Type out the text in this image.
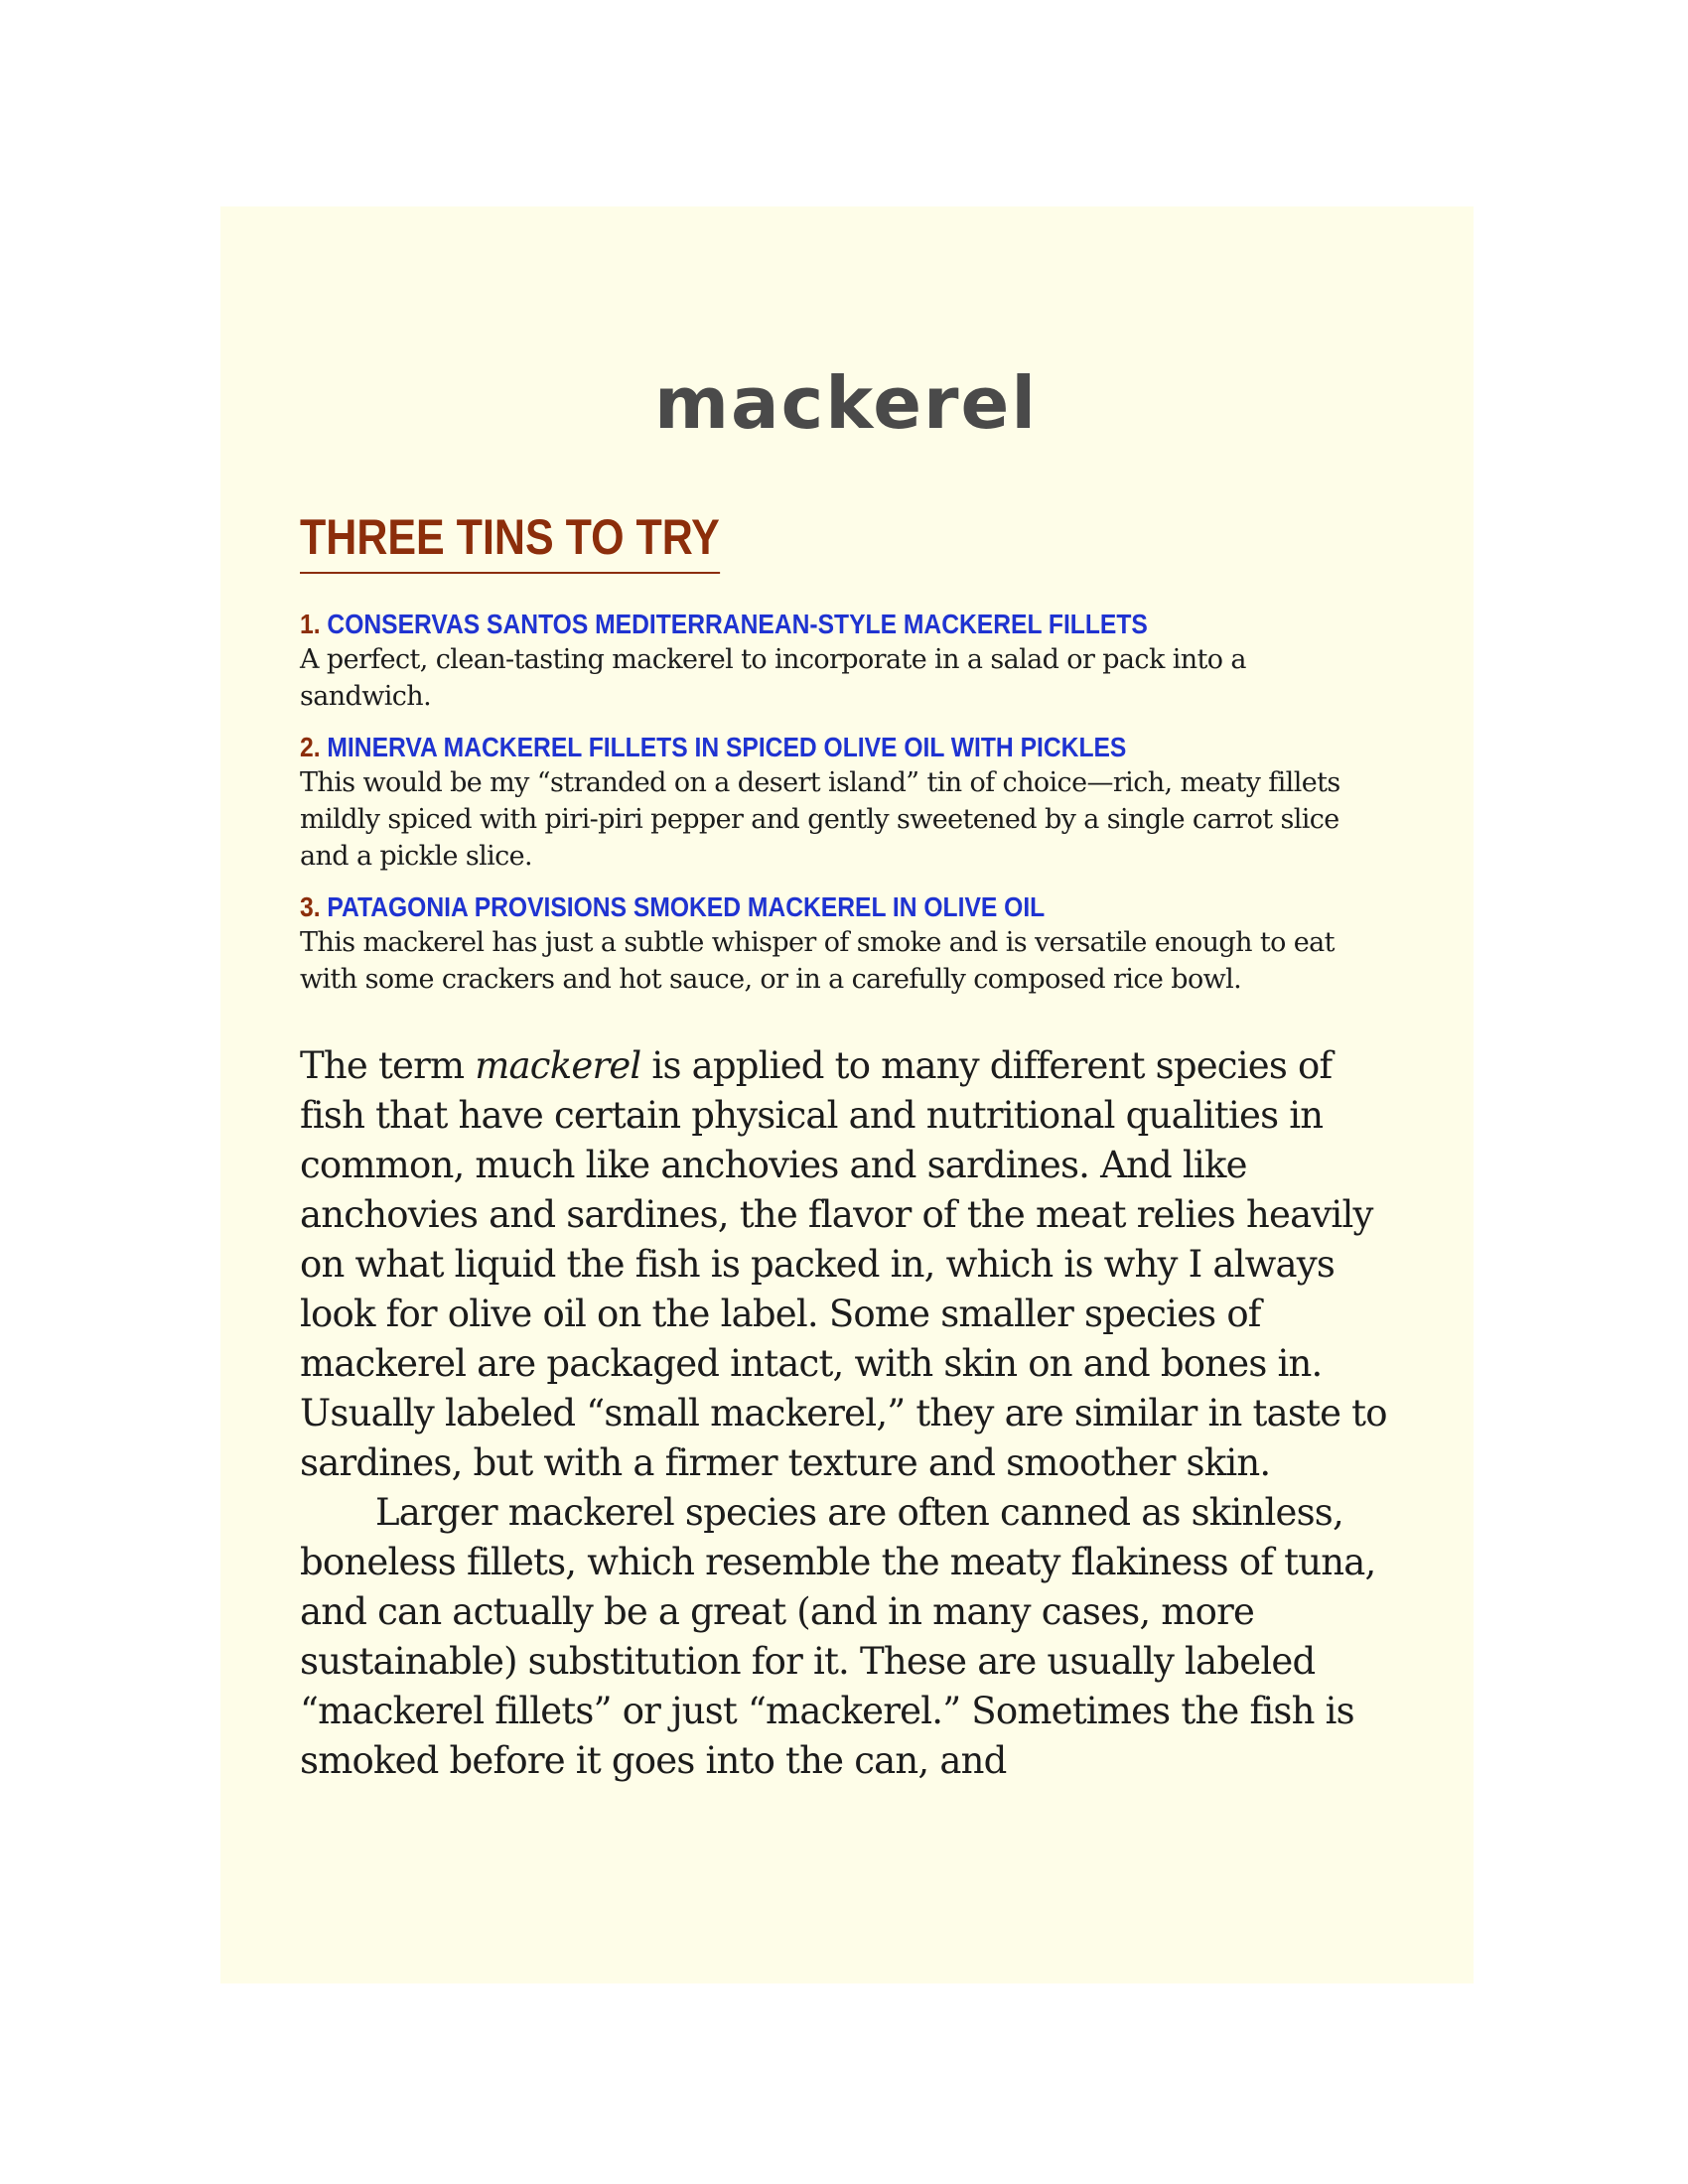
mackerel
THREE TINS TO TRY
1. CONSERVAS SANTOS MEDITERRANEAN-STYLE MACKEREL FILLETS
A perfect, clean-tasting mackerel to incorporate in a salad or pack into a sandwich.
2. MINERVA MACKEREL FILLETS IN SPICED OLIVE OIL WITH PICKLES
This would be my “stranded on a desert island” tin of choice—rich, meaty fillets mildly spiced with piri-piri pepper and gently sweetened by a single carrot slice and a pickle slice.
3. PATAGONIA PROVISIONS SMOKED MACKEREL IN OLIVE OIL
This mackerel has just a subtle whisper of smoke and is versatile enough to eat with some crackers and hot sauce, or in a carefully composed rice bowl.

The term mackerel is applied to many different species of fish that have certain physical and nutritional qualities in common, much like anchovies and sardines. And like anchovies and sardines, the flavor of the meat relies heavily on what liquid the fish is packed in, which is why I always look for olive oil on the label. Some smaller species of mackerel are packaged intact, with skin on and bones in. Usually labeled “small mackerel,” they are similar in taste to sardines, but with a firmer texture and smoother skin.

Larger mackerel species are often canned as skinless, boneless fillets, which resemble the meaty flakiness of tuna, and can actually be a great (and in many cases, more sustainable) substitution for it. These are usually labeled “mackerel fillets” or just “mackerel.” Sometimes the fish is smoked before it goes into the can, and
